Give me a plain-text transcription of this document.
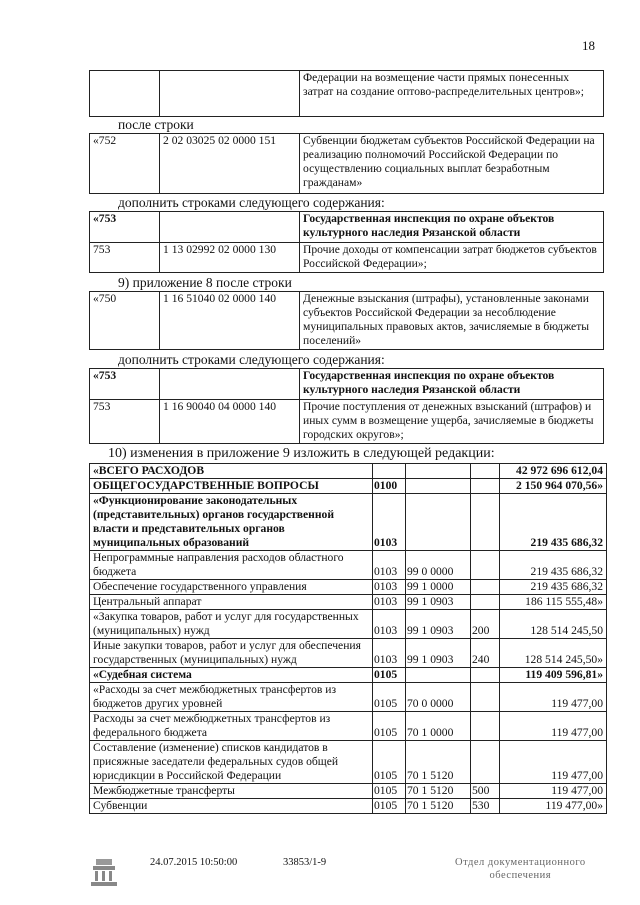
18
		Федерации на возмещение части прямых понесенных затрат на создание оптово-распределительных центров»;
после строки
«752	2 02 03025 02 0000 151	Субвенции бюджетам субъектов Российской Федерации на реализацию полномочий Российской Федерации по осуществлению социальных выплат безработным гражданам»
дополнить строками следующего содержания:
«753		Государственная инспекция по охране объектов культурного наследия Рязанской области
753	1 13 02992 02 0000 130	Прочие доходы от компенсации затрат бюджетов субъектов Российской Федерации»;
9) приложение 8 после строки
«750	1 16 51040 02 0000 140	Денежные взыскания (штрафы), установленные законами субъектов Российской Федерации за несоблюдение муниципальных правовых актов, зачисляемые в бюджеты поселений»
дополнить строками следующего содержания:
«753		Государственная инспекция по охране объектов культурного наследия Рязанской области
753	1 16 90040 04 0000 140	Прочие поступления от денежных взысканий (штрафов) и иных сумм в возмещение ущерба, зачисляемые в бюджеты городских округов»;
10) изменения в приложение 9 изложить в следующей редакции:
«ВСЕГО РАСХОДОВ				42 972 696 612,04
ОБЩЕГОСУДАРСТВЕННЫЕ ВОПРОСЫ	0100			2 150 964 070,56»
«Функционирование законодательных (представительных) органов государственной власти и представительных органов муниципальных образований	0103			219 435 686,32
Непрограммные направления расходов областного бюджета	0103	99 0 0000		219 435 686,32
Обеспечение государственного управления	0103	99 1 0000		219 435 686,32
Центральный аппарат	0103	99 1 0903		186 115 555,48»
«Закупка товаров, работ и услуг для государственных (муниципальных) нужд	0103	99 1 0903	200	128 514 245,50
Иные закупки товаров, работ и услуг для обеспечения государственных (муниципальных) нужд	0103	99 1 0903	240	128 514 245,50»
«Судебная система	0105			119 409 596,81»
«Расходы за счет межбюджетных трансфертов из бюджетов других уровней	0105	70 0 0000		119 477,00
Расходы за счет межбюджетных трансфертов из федерального бюджета	0105	70 1 0000		119 477,00
Составление (изменение) списков кандидатов в присяжные заседатели федеральных судов общей юрисдикции в Российской Федерации	0105	70 1 5120		119 477,00
Межбюджетные трансферты	0105	70 1 5120	500	119 477,00
Субвенции	0105	70 1 5120	530	119 477,00»
24.07.2015 10:50:00	33853/1-9	Отдел документационного
обеспечения
